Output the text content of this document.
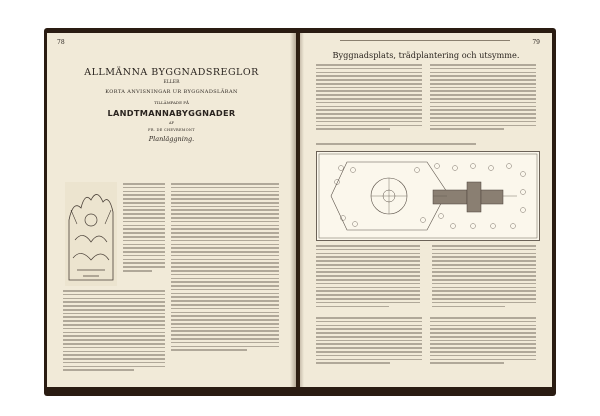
78
ALLMÄNNA BYGGNADSREGLOR
ELLER
KORTA ANVISNINGAR UR BYGGNADSLÄRAN
TILLÄMPADE PÅ
LANDTMANNABYGGNADER
AF
FR. DE CHEVREMONT
Planläggning.
79
Byggnadsplats, trädplantering och utsymme.
